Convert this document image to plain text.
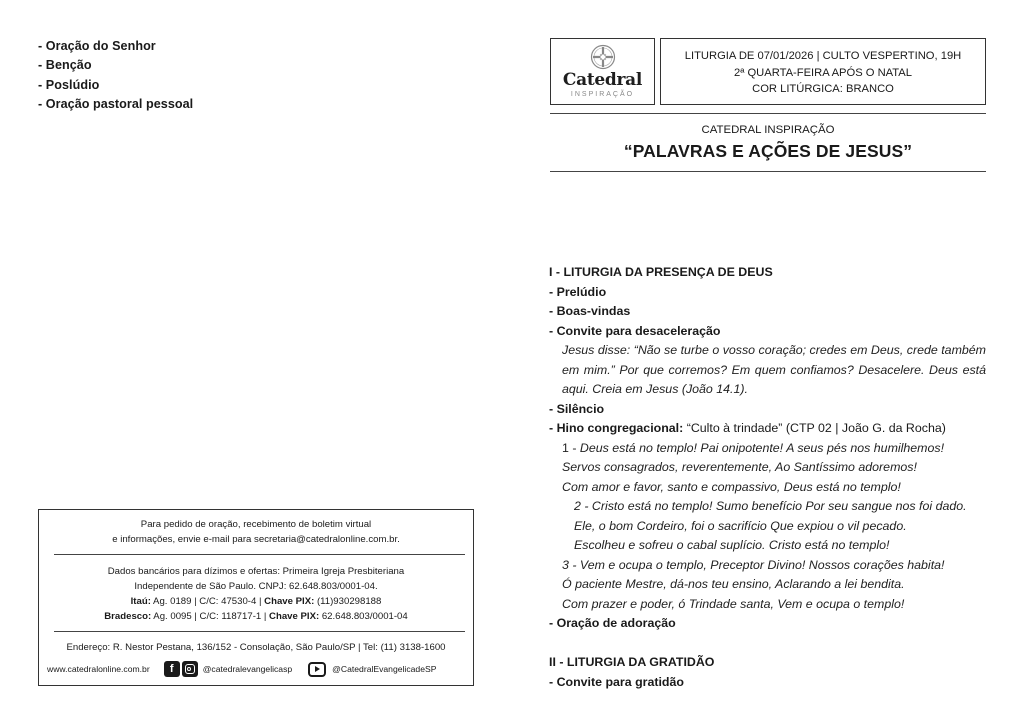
- Oração do Senhor
- Benção
- Poslúdio
- Oração pastoral pessoal
Para pedido de oração, recebimento de boletim virtual
e informações, envie e-mail para secretaria@catedralonline.com.br.
Dados bancários para dízimos e ofertas: Primeira Igreja Presbiteriana
Independente de São Paulo. CNPJ: 62.648.803/0001-04.
Itaú: Ag. 0189 | C/C: 47530-4 | Chave PIX: (11)930298188
Bradesco: Ag. 0095 | C/C: 118717-1 | Chave PIX: 62.648.803/0001-04
Endereço: R. Nestor Pestana, 136/152 - Consolação, São Paulo/SP | Tel: (11) 3138-1600
www.catedralonline.com.br	f	@catedralevangelicasp	@CatedralEvangelicadeSP
Catedral
INSPIRAÇÃO
LITURGIA DE 07/01/2026 | CULTO VESPERTINO, 19H
2ª QUARTA-FEIRA APÓS O NATAL
COR LITÚRGICA: BRANCO
CATEDRAL INSPIRAÇÃO
“PALAVRAS E AÇÕES DE JESUS”
I - LITURGIA DA PRESENÇA DE DEUS
- Prelúdio
- Boas-vindas
- Convite para desaceleração
Jesus disse: “Não se turbe o vosso coração; credes em Deus, crede também em mim.” Por que corremos? Em quem confiamos? Desacelere. Deus está aqui. Creia em Jesus (João 14.1).
- Silêncio
- Hino congregacional: “Culto à trindade” (CTP 02 | João G. da Rocha)
1 - Deus está no templo! Pai onipotente! A seus pés nos humilhemos!
Servos consagrados, reverentemente, Ao Santíssimo adoremos!
Com amor e favor, santo e compassivo, Deus está no templo!
2 - Cristo está no templo! Sumo benefício Por seu sangue nos foi dado.
Ele, o bom Cordeiro, foi o sacrifício Que expiou o vil pecado.
Escolheu e sofreu o cabal suplício. Cristo está no templo!
3 - Vem e ocupa o templo, Preceptor Divino! Nossos corações habita!
Ó paciente Mestre, dá-nos teu ensino, Aclarando a lei bendita.
Com prazer e poder, ó Trindade santa, Vem e ocupa o templo!
- Oração de adoração
II - LITURGIA DA GRATIDÃO
- Convite para gratidão
